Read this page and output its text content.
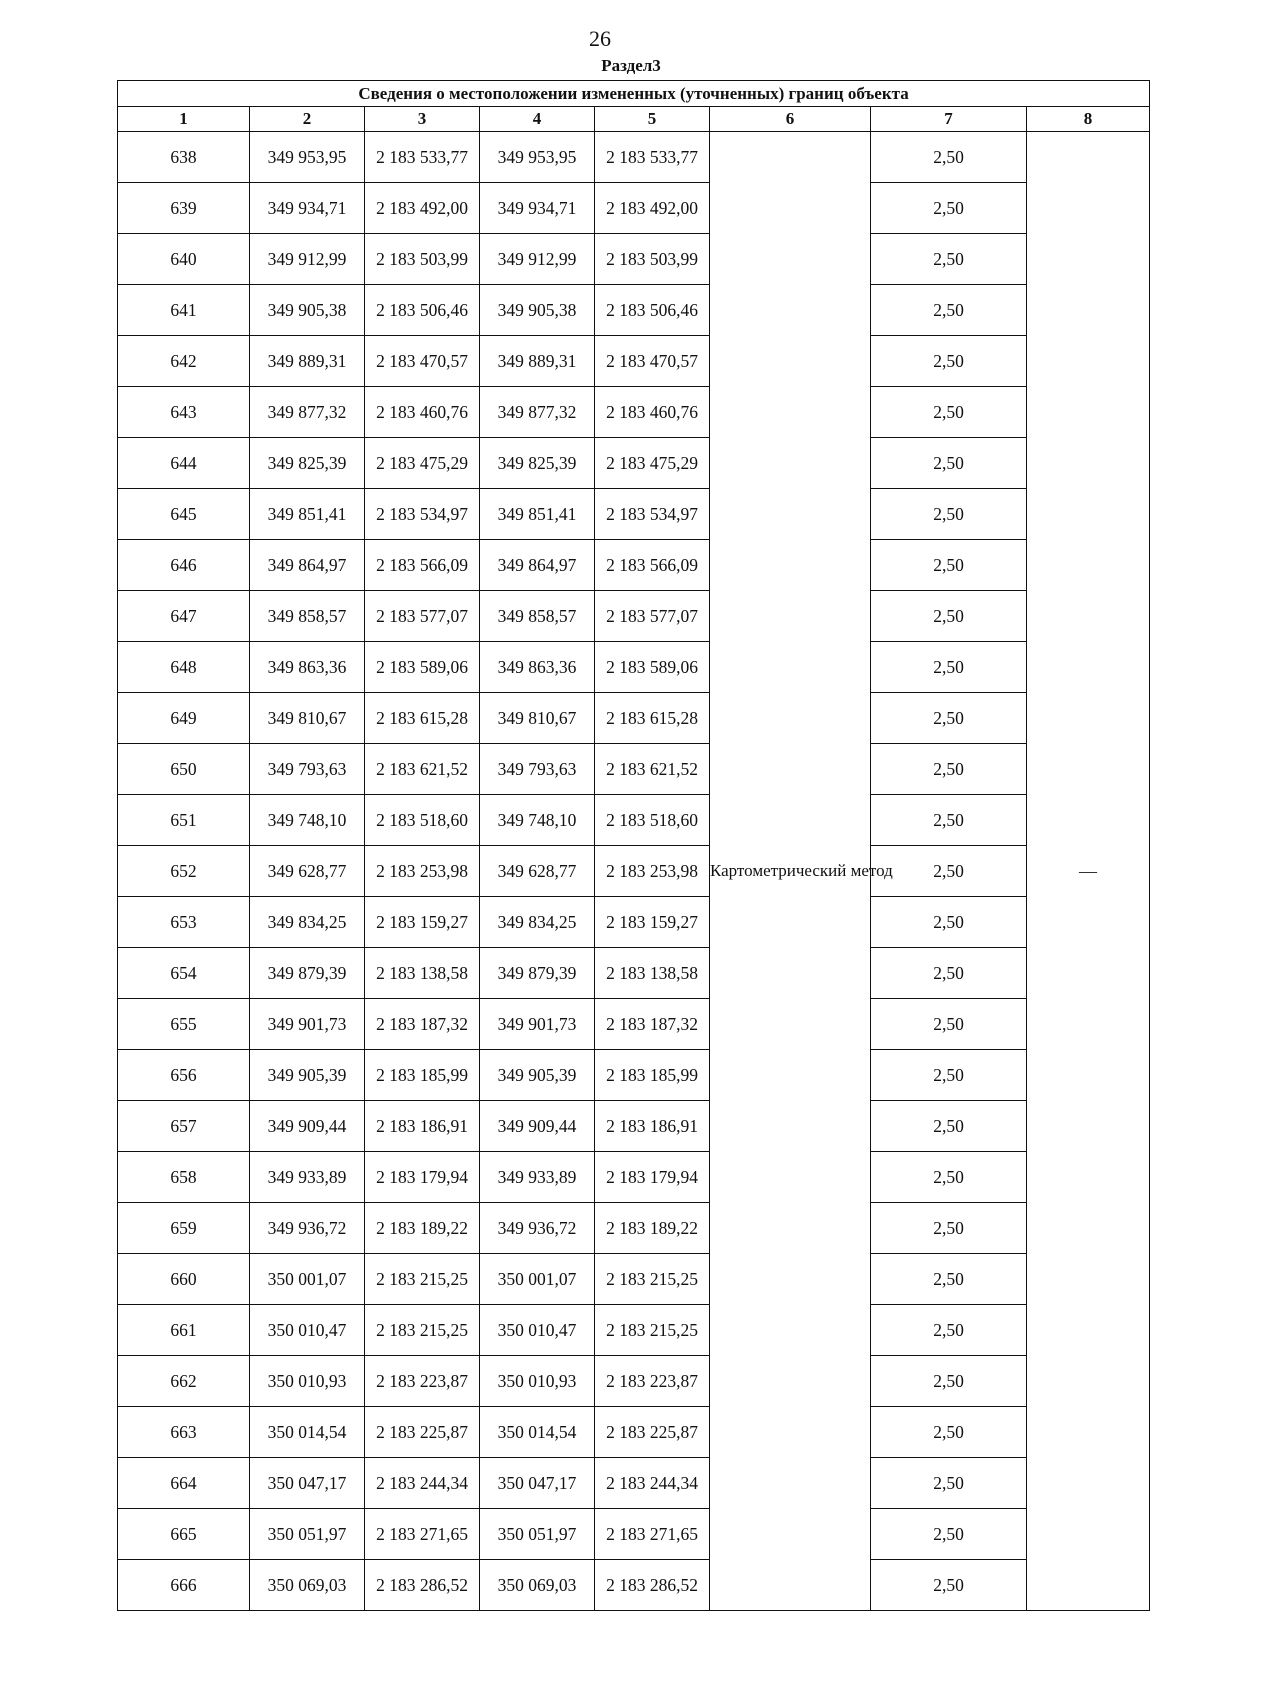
26
Раздел3
Сведения о местоположении измененных (уточненных) границ объекта							
1	2	3	4	5	6	7	8
638	349 953,95	2 183 533,77	349 953,95	2 183 533,77	Картометрический метод	2,50	—
639	349 934,71	2 183 492,00	349 934,71	2 183 492,00		2,50	
640	349 912,99	2 183 503,99	349 912,99	2 183 503,99		2,50	
641	349 905,38	2 183 506,46	349 905,38	2 183 506,46		2,50	
642	349 889,31	2 183 470,57	349 889,31	2 183 470,57		2,50	
643	349 877,32	2 183 460,76	349 877,32	2 183 460,76		2,50	
644	349 825,39	2 183 475,29	349 825,39	2 183 475,29		2,50	
645	349 851,41	2 183 534,97	349 851,41	2 183 534,97		2,50	
646	349 864,97	2 183 566,09	349 864,97	2 183 566,09		2,50	
647	349 858,57	2 183 577,07	349 858,57	2 183 577,07		2,50	
648	349 863,36	2 183 589,06	349 863,36	2 183 589,06		2,50	
649	349 810,67	2 183 615,28	349 810,67	2 183 615,28		2,50	
650	349 793,63	2 183 621,52	349 793,63	2 183 621,52		2,50	
651	349 748,10	2 183 518,60	349 748,10	2 183 518,60		2,50	
652	349 628,77	2 183 253,98	349 628,77	2 183 253,98		2,50	
653	349 834,25	2 183 159,27	349 834,25	2 183 159,27		2,50	
654	349 879,39	2 183 138,58	349 879,39	2 183 138,58		2,50	
655	349 901,73	2 183 187,32	349 901,73	2 183 187,32		2,50	
656	349 905,39	2 183 185,99	349 905,39	2 183 185,99		2,50	
657	349 909,44	2 183 186,91	349 909,44	2 183 186,91		2,50	
658	349 933,89	2 183 179,94	349 933,89	2 183 179,94		2,50	
659	349 936,72	2 183 189,22	349 936,72	2 183 189,22		2,50	
660	350 001,07	2 183 215,25	350 001,07	2 183 215,25		2,50	
661	350 010,47	2 183 215,25	350 010,47	2 183 215,25		2,50	
662	350 010,93	2 183 223,87	350 010,93	2 183 223,87		2,50	
663	350 014,54	2 183 225,87	350 014,54	2 183 225,87		2,50	
664	350 047,17	2 183 244,34	350 047,17	2 183 244,34		2,50	
665	350 051,97	2 183 271,65	350 051,97	2 183 271,65		2,50	
666	350 069,03	2 183 286,52	350 069,03	2 183 286,52		2,50	
